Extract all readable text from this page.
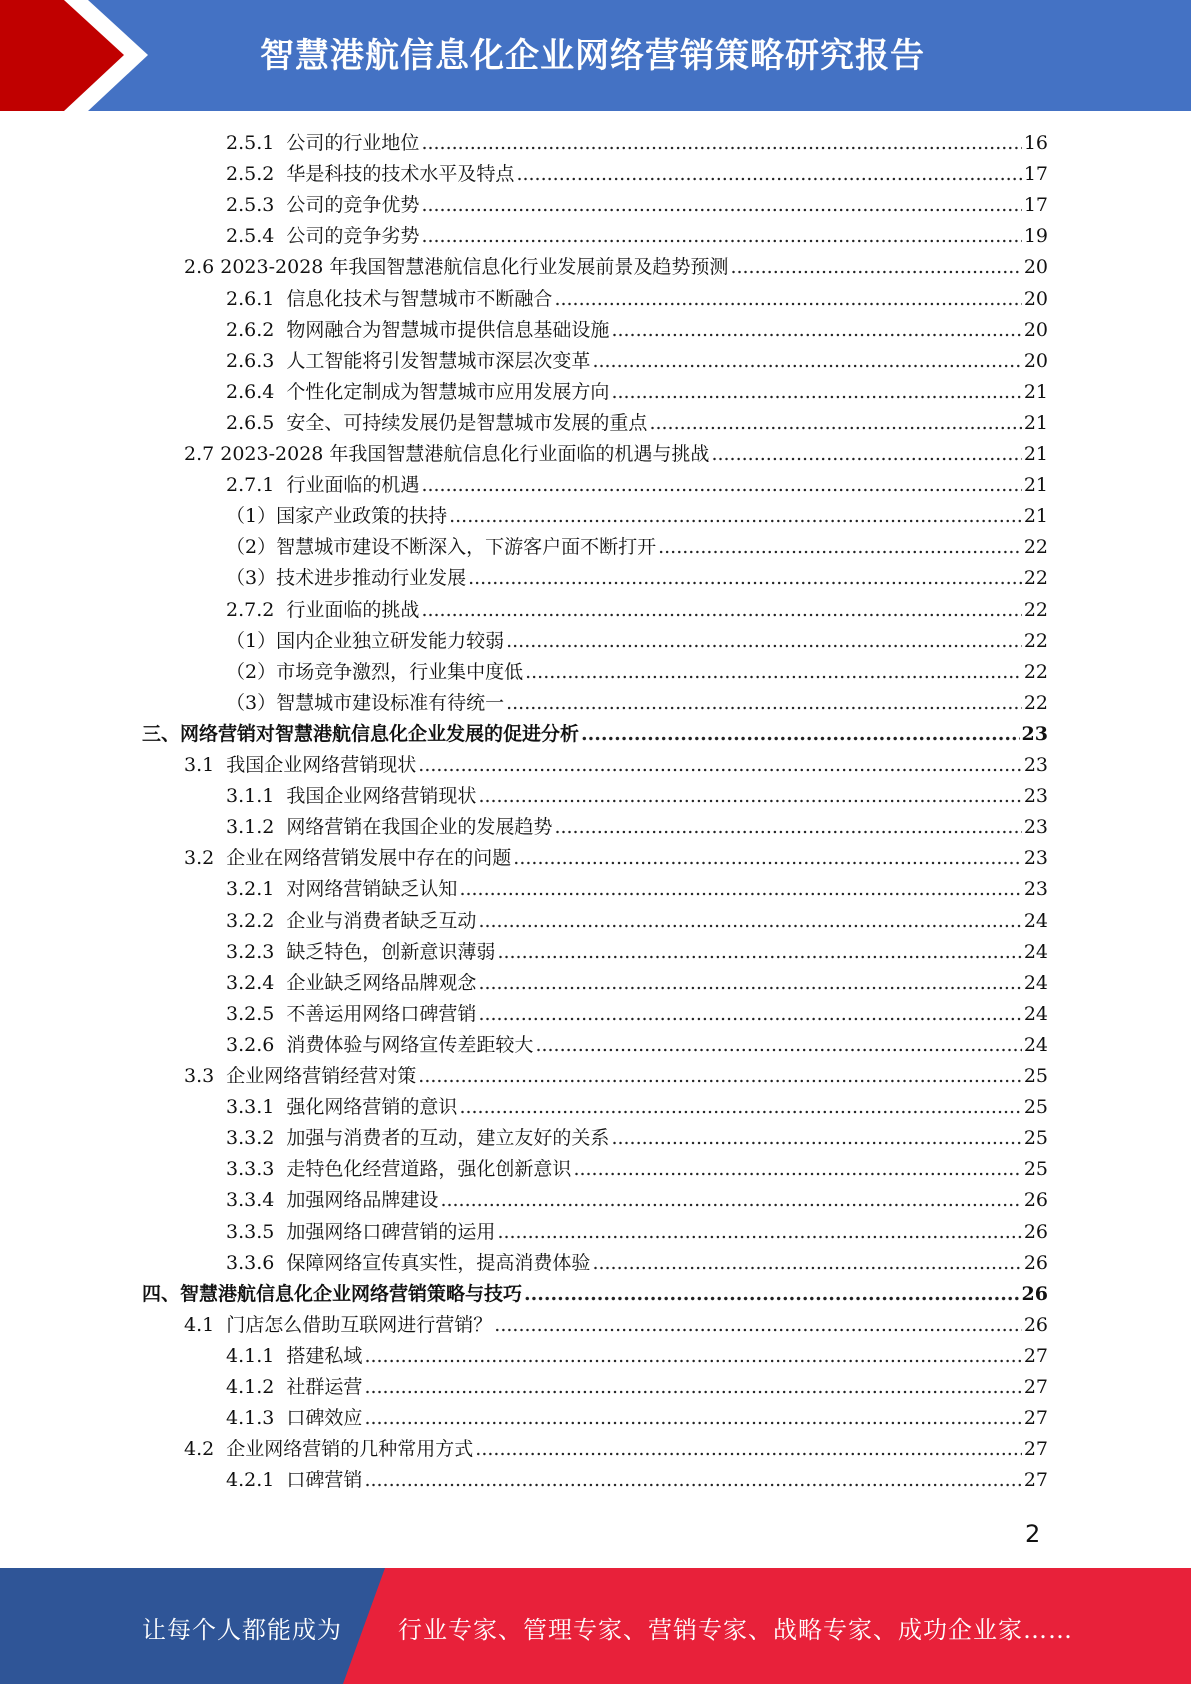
智慧港航信息化企业网络营销策略研究报告
2.5.1  公司的行业地位 .....	16
2.5.2  华是科技的技术水平及特点 .....	17
2.5.3  公司的竞争优势 .....	17
2.5.4  公司的竞争劣势 .....	19
2.6 2023-2028 年我国智慧港航信息化行业发展前景及趋势预测 .....	20
2.6.1  信息化技术与智慧城市不断融合 .....	20
2.6.2  物网融合为智慧城市提供信息基础设施 .....	20
2.6.3  人工智能将引发智慧城市深层次变革 .....	20
2.6.4  个性化定制成为智慧城市应用发展方向 .....	21
2.6.5  安全、可持续发展仍是智慧城市发展的重点 .....	21
2.7 2023-2028 年我国智慧港航信息化行业面临的机遇与挑战 .....	21
2.7.1  行业面临的机遇 .....	21
（1）国家产业政策的扶持 .....	21
（2）智慧城市建设不断深入，下游客户面不断打开 .....	22
（3）技术进步推动行业发展 .....	22
2.7.2  行业面临的挑战 .....	22
（1）国内企业独立研发能力较弱 .....	22
（2）市场竞争激烈，行业集中度低 .....	22
（3）智慧城市建设标准有待统一 .....	22
三、网络营销对智慧港航信息化企业发展的促进分析 .....	23
3.1  我国企业网络营销现状 .....	23
3.1.1  我国企业网络营销现状 .....	23
3.1.2  网络营销在我国企业的发展趋势 .....	23
3.2  企业在网络营销发展中存在的问题 .....	23
3.2.1  对网络营销缺乏认知 .....	23
3.2.2  企业与消费者缺乏互动 .....	24
3.2.3  缺乏特色，创新意识薄弱 .....	24
3.2.4  企业缺乏网络品牌观念 .....	24
3.2.5  不善运用网络口碑营销 .....	24
3.2.6  消费体验与网络宣传差距较大 .....	24
3.3  企业网络营销经营对策 .....	25
3.3.1  强化网络营销的意识 .....	25
3.3.2  加强与消费者的互动，建立友好的关系 .....	25
3.3.3  走特色化经营道路，强化创新意识 .....	25
3.3.4  加强网络品牌建设 .....	26
3.3.5  加强网络口碑营销的运用 .....	26
3.3.6  保障网络宣传真实性，提高消费体验 .....	26
四、智慧港航信息化企业网络营销策略与技巧 .....	26
4.1  门店怎么借助互联网进行营销？ .....	26
4.1.1  搭建私域 .....	27
4.1.2  社群运营 .....	27
4.1.3  口碑效应 .....	27
4.2  企业网络营销的几种常用方式 .....	27
4.2.1  口碑营销 .....	27
2
让每个人都能成为 行业专家、管理专家、营销专家、战略专家、成功企业家……
